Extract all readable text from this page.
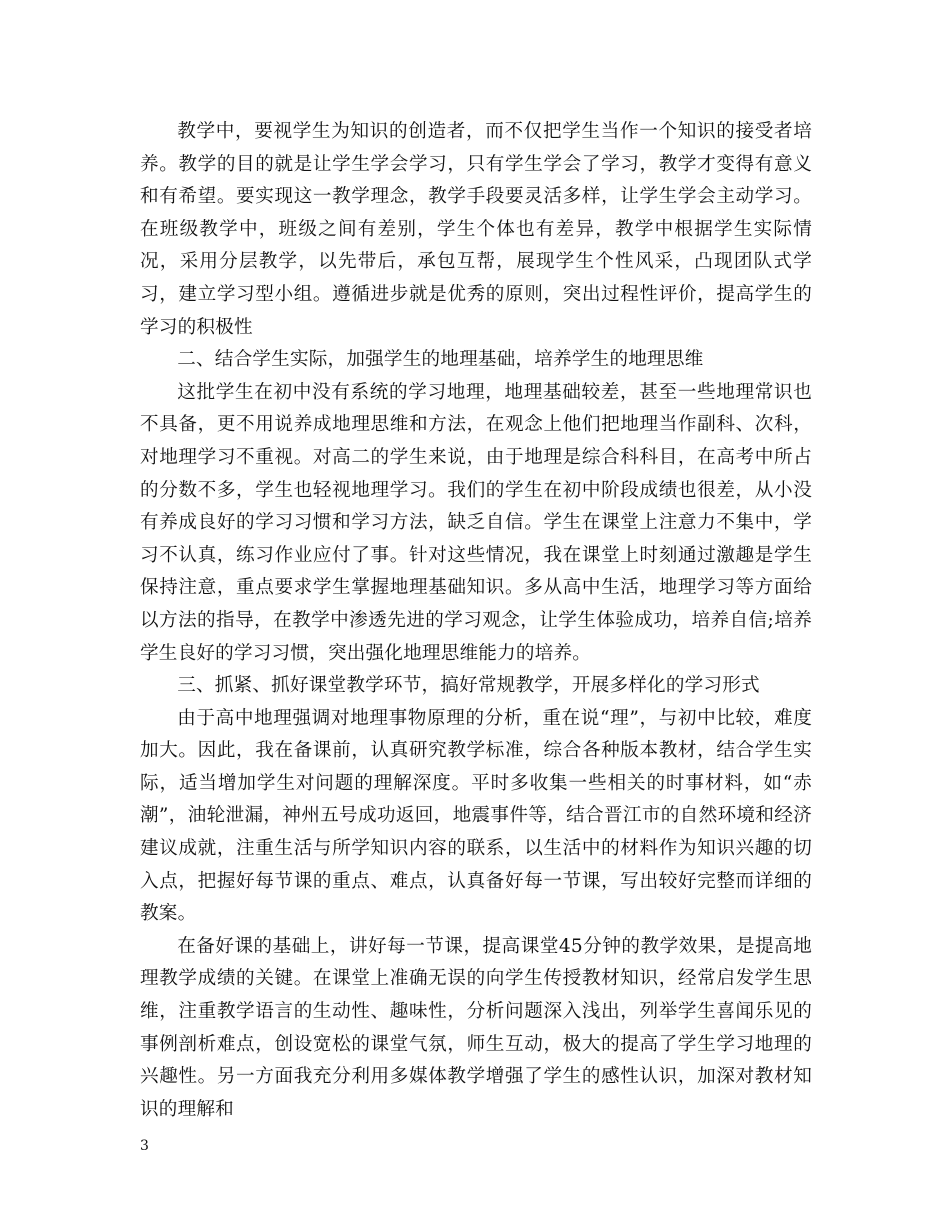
教学中，要视学生为知识的创造者，而不仅把学生当作一个知识的接受者培养。教学的目的就是让学生学会学习，只有学生学会了学习，教学才变得有意义和有希望。要实现这一教学理念，教学手段要灵活多样，让学生学会主动学习。在班级教学中，班级之间有差别，学生个体也有差异，教学中根据学生实际情况，采用分层教学，以先带后，承包互帮，展现学生个性风采，凸现团队式学习，建立学习型小组。遵循进步就是优秀的原则，突出过程性评价，提高学生的学习的积极性

二、结合学生实际，加强学生的地理基础，培养学生的地理思维

这批学生在初中没有系统的学习地理，地理基础较差，甚至一些地理常识也不具备，更不用说养成地理思维和方法，在观念上他们把地理当作副科、次科，对地理学习不重视。对高二的学生来说，由于地理是综合科科目，在高考中所占的分数不多，学生也轻视地理学习。我们的学生在初中阶段成绩也很差，从小没有养成良好的学习习惯和学习方法，缺乏自信。学生在课堂上注意力不集中，学习不认真，练习作业应付了事。针对这些情况，我在课堂上时刻通过激趣是学生保持注意，重点要求学生掌握地理基础知识。多从高中生活，地理学习等方面给以方法的指导，在教学中渗透先进的学习观念，让学生体验成功，培养自信;培养学生良好的学习习惯，突出强化地理思维能力的培养。

三、抓紧、抓好课堂教学环节，搞好常规教学，开展多样化的学习形式

由于高中地理强调对地理事物原理的分析，重在说“理”，与初中比较，难度加大。因此，我在备课前，认真研究教学标准，综合各种版本教材，结合学生实际，适当增加学生对问题的理解深度。平时多收集一些相关的时事材料，如“赤潮”，油轮泄漏，神州五号成功返回，地震事件等，结合晋江市的自然环境和经济建议成就，注重生活与所学知识内容的联系，以生活中的材料作为知识兴趣的切入点，把握好每节课的重点、难点，认真备好每一节课，写出较好完整而详细的教案。

在备好课的基础上，讲好每一节课，提高课堂45分钟的教学效果，是提高地理教学成绩的关键。在课堂上准确无误的向学生传授教材知识，经常启发学生思维，注重教学语言的生动性、趣味性，分析问题深入浅出，列举学生喜闻乐见的事例剖析难点，创设宽松的课堂气氛，师生互动，极大的提高了学生学习地理的兴趣性。另一方面我充分利用多媒体教学增强了学生的感性认识，加深对教材知识的理解和

3
